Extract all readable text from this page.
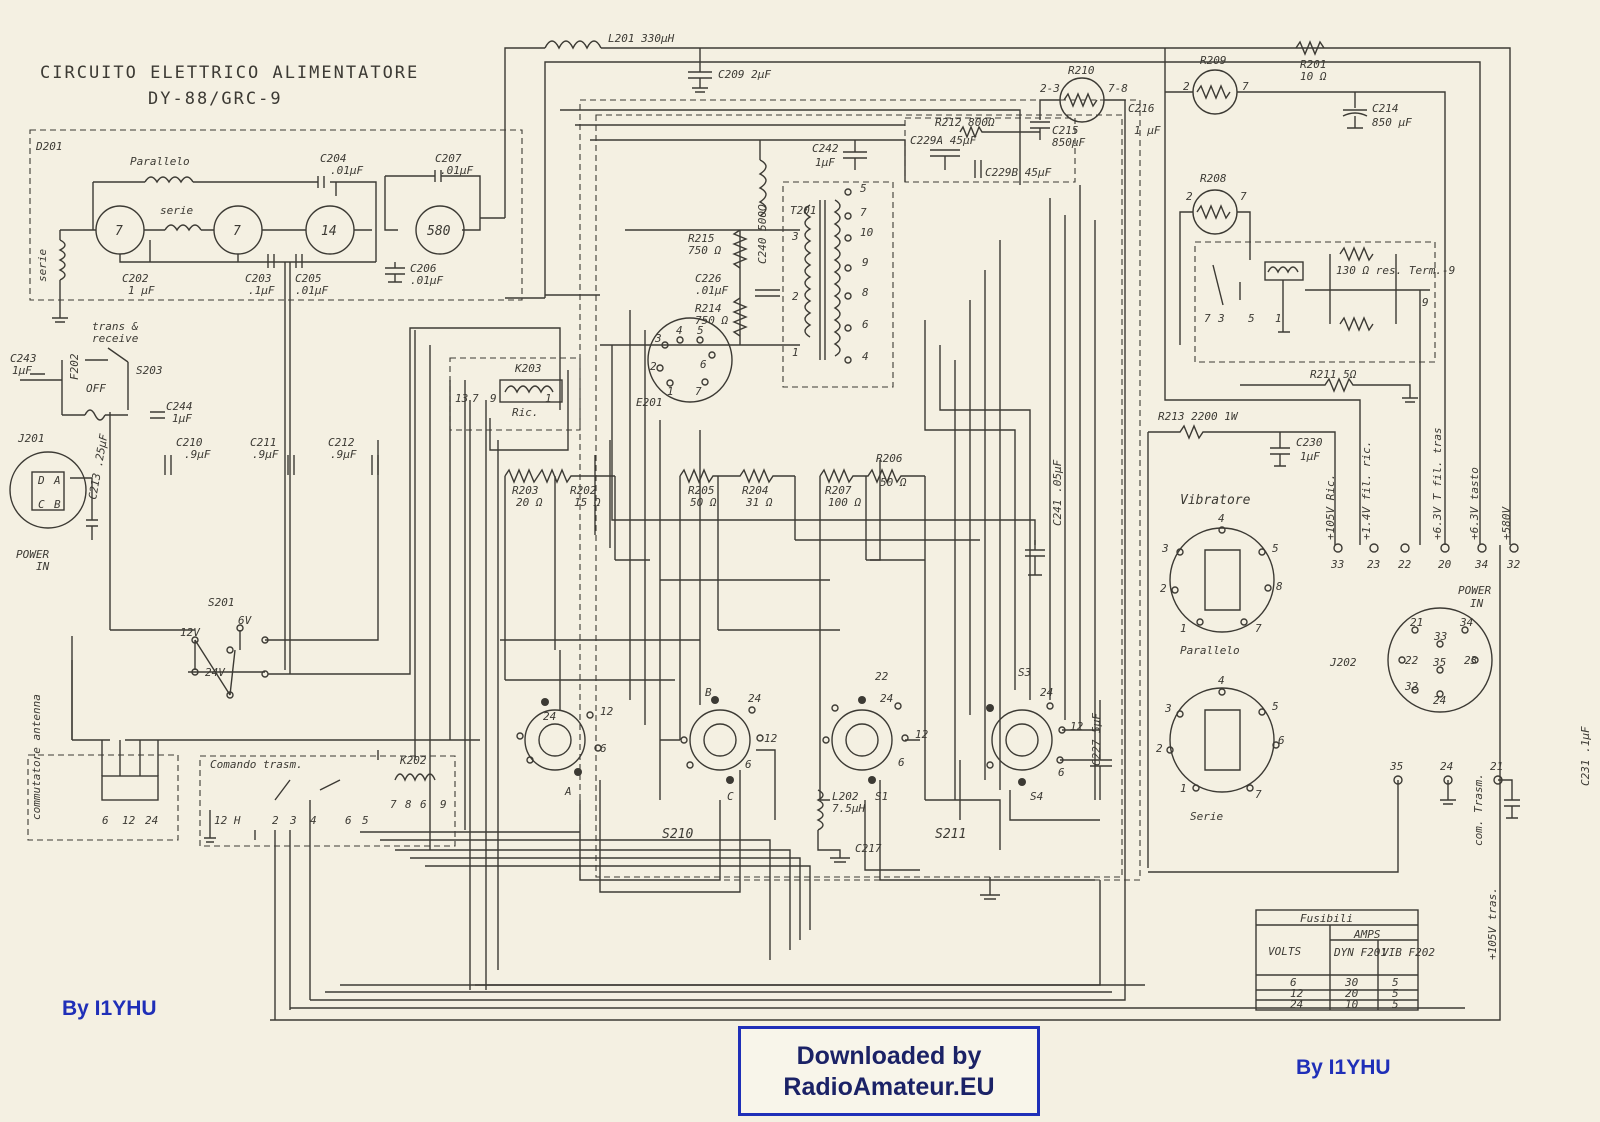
CIRCUITO ELETTRICO ALIMENTATORE
DY-88/GRC-9
L201 330μH
C209 2μF
R201
10 Ω
R209
2	7
C214
850 μF
R210
2-3	7-8
C215
850μF
C216
1 μF
R212 800Ω
C229A 45μF
C229B 45μF
C242
1μF
T201
5
7
10
9
8
6
4
3
2
1
R215
750 Ω
C226
.01μF
C240 500Ω
R214
750 Ω
3
4 5
6
2
1 7
E201
D201
Parallelo	C204
.01μF
C207
.01μF
7
serie
7	14	580
serie	C202
1 μF
C203
.1μF
C205
.01μF
C206
.01μF
trans &
receive
S203
OFF
F202
C243
1μF
C244
1μF
C210
.9μF
C211
.9μF
C212
.9μF
J201
D A
C B
POWER
IN
C213 .25μF
S201
12V
6V
24V
commutatore antenna
6 12 24
Comando trasm.	K202
12 H	2 3 4	6 5
7 8 6 9
K203
Ric.
13 7 9	1
R203
20 Ω
R202
15 Ω
R205
50 Ω
R204
31 Ω
R207
100 Ω
R206
50 Ω
24	12
6
A
B	24
12
6
C
S210
22
24
12
6
S1
S3
24
12
6
S4
S211
L202
7.5μH
C217
C227 5μF
C241 .05μF
R208
2	7
7 3 5 1
9
130 Ω res. Term.-9
R211 5Ω
R213 2200 1W
C230
1μF
33
+105V Ric.
23
+1.4V fil. ric.
22 20
+6.3V T fil. tras
34
+6.3V tasto
32
+580V
Vibratore
4
3	5
2	8
1	7
Parallelo
4
3	5
2
6
1	7
Serie
POWER
IN
J202
21
33
34
22 35 23
32
24
35	24	21
+105V tras.
C231 .1μF
com. Trasm.
Fusibili
VOLTS
AMPS
DYN F201
VIB F202
6	30	5
12	20	5
24	10	5
By I1YHU
By I1YHU
Downloaded by
RadioAmateur.EU
